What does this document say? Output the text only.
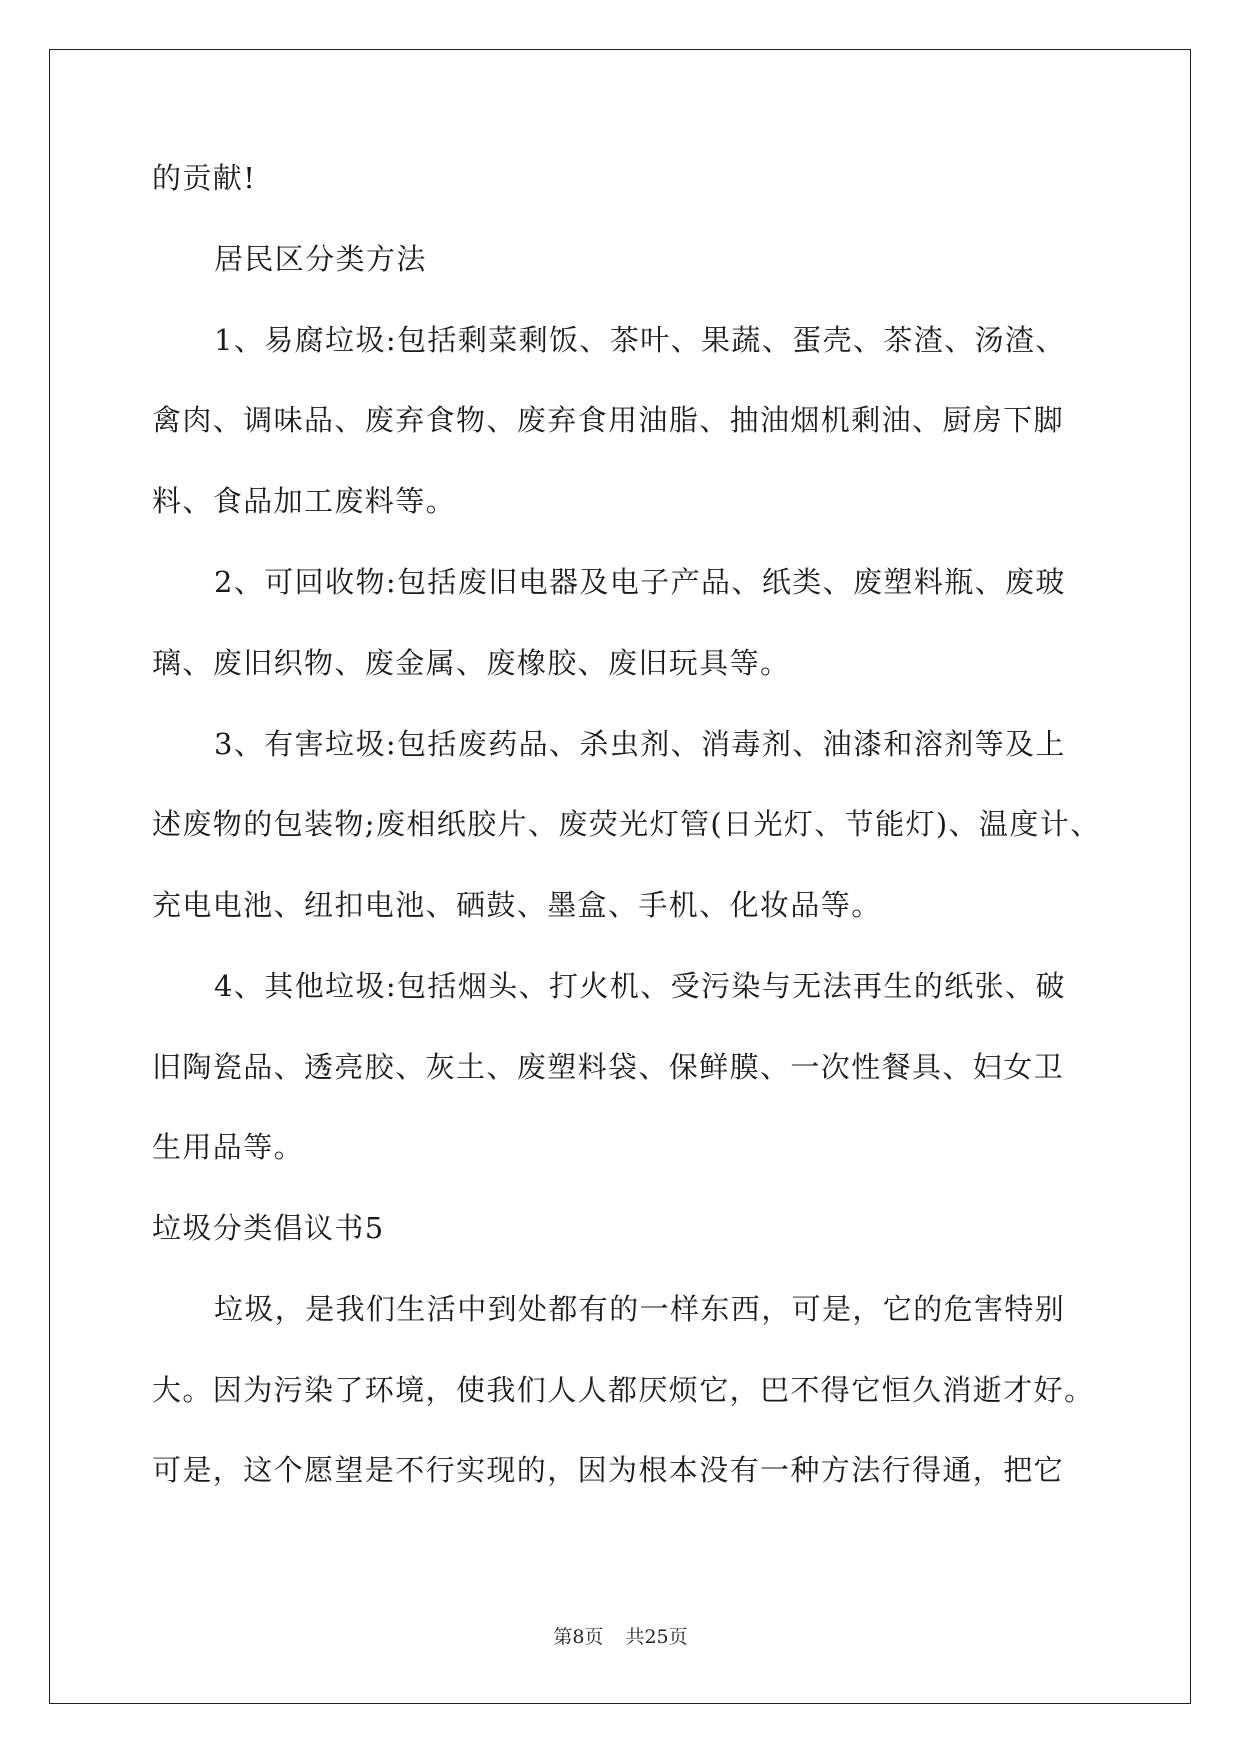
的贡献!
居民区分类方法
1、易腐垃圾:包括剩菜剩饭、茶叶、果蔬、蛋壳、茶渣、汤渣、
禽肉、调味品、废弃食物、废弃食用油脂、抽油烟机剩油、厨房下脚
料、食品加工废料等。
2、可回收物:包括废旧电器及电子产品、纸类、废塑料瓶、废玻
璃、废旧织物、废金属、废橡胶、废旧玩具等。
3、有害垃圾:包括废药品、杀虫剂、消毒剂、油漆和溶剂等及上
述废物的包装物;废相纸胶片、废荧光灯管(日光灯、节能灯)、温度计、
充电电池、纽扣电池、硒鼓、墨盒、手机、化妆品等。
4、其他垃圾:包括烟头、打火机、受污染与无法再生的纸张、破
旧陶瓷品、透亮胶、灰土、废塑料袋、保鲜膜、一次性餐具、妇女卫
生用品等。
垃圾分类倡议书5
垃圾，是我们生活中到处都有的一样东西，可是，它的危害特别
大。因为污染了环境，使我们人人都厌烦它，巴不得它恒久消逝才好。
可是，这个愿望是不行实现的，因为根本没有一种方法行得通，把它
第8页 共25页
